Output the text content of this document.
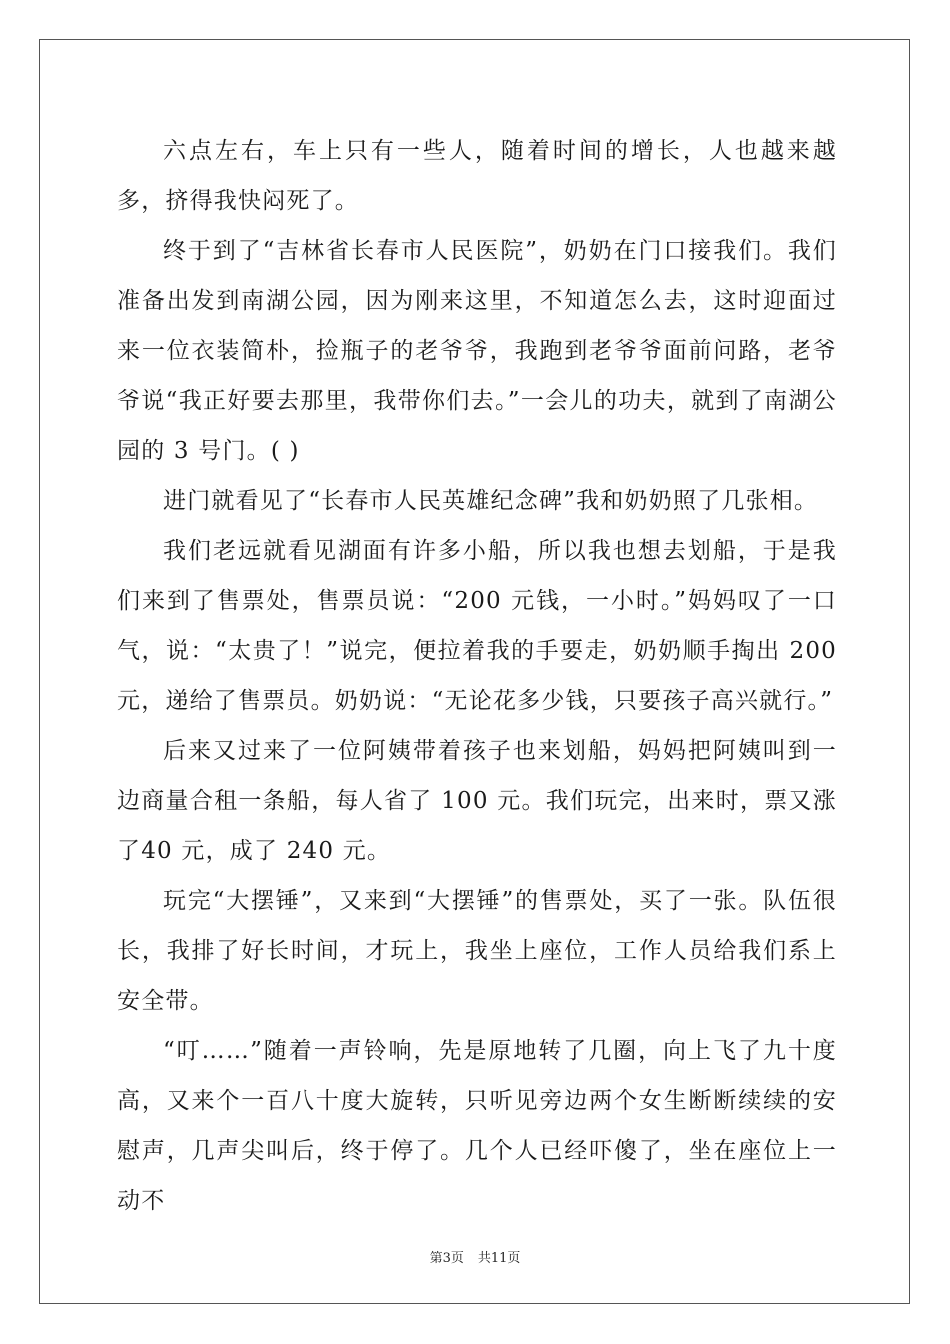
六点左右，车上只有一些人，随着时间的增长，人也越来越多，挤得我快闷死了。

终于到了“吉林省长春市人民医院”，奶奶在门口接我们。我们准备出发到南湖公园，因为刚来这里，不知道怎么去，这时迎面过来一位衣装简朴，捡瓶子的老爷爷，我跑到老爷爷面前问路，老爷爷说“我正好要去那里，我带你们去。”一会儿的功夫，就到了南湖公园的 3 号门。( )

进门就看见了“长春市人民英雄纪念碑”我和奶奶照了几张相。

我们老远就看见湖面有许多小船，所以我也想去划船，于是我们来到了售票处，售票员说：“200 元钱，一小时。”妈妈叹了一口气，说：“太贵了！”说完，便拉着我的手要走，奶奶顺手掏出 200 元，递给了售票员。奶奶说：“无论花多少钱，只要孩子高兴就行。”

后来又过来了一位阿姨带着孩子也来划船，妈妈把阿姨叫到一边商量合租一条船，每人省了 100 元。我们玩完，出来时，票又涨了40 元，成了 240 元。

玩完“大摆锤”，又来到“大摆锤”的售票处，买了一张。队伍很长，我排了好长时间，才玩上，我坐上座位，工作人员给我们系上安全带。

“叮……”随着一声铃响，先是原地转了几圈，向上飞了九十度高，又来个一百八十度大旋转，只听见旁边两个女生断断续续的安慰声，几声尖叫后，终于停了。几个人已经吓傻了，坐在座位上一动不

第3页 共11页
